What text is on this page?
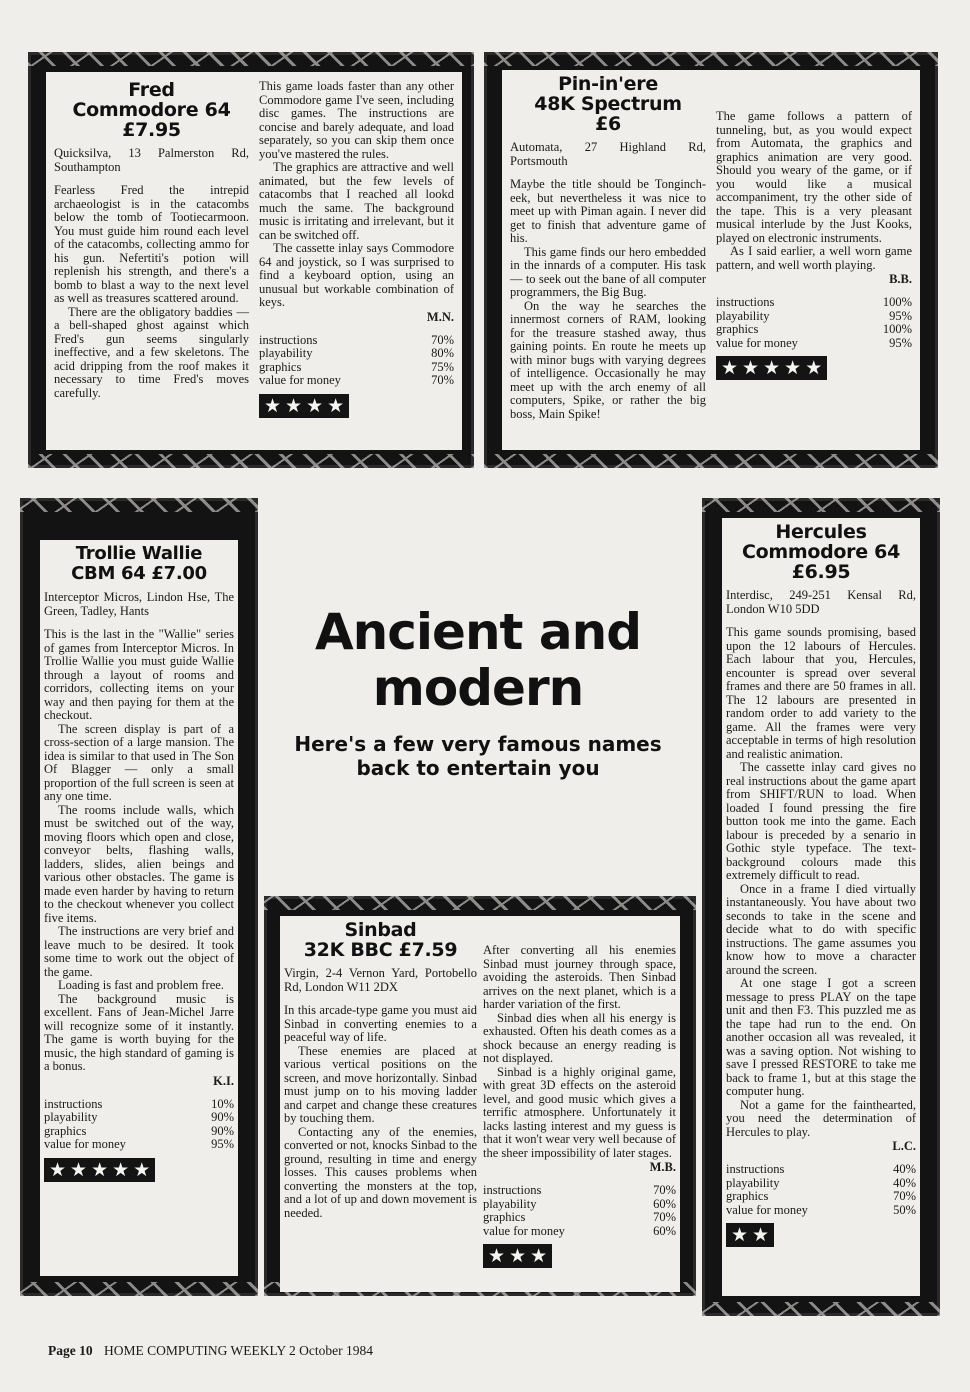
Fred
Commodore 64
£7.95
Quicksilva, 13 Palmerston Rd, Southampton

Fearless Fred the intrepid archaeologist is in the catacombs below the tomb of Tootiecarmoon. You must guide him round each level of the catacombs, collecting ammo for his gun. Nefertiti's potion will replenish his strength, and there's a bomb to blast a way to the next level as well as treasures scattered around.

There are the obligatory baddies — a bell-shaped ghost against which Fred's gun seems singularly ineffective, and a few skeletons. The acid dripping from the roof makes it necessary to time Fred's moves carefully.

This game loads faster than any other Commodore game I've seen, including disc games. The instructions are concise and barely adequate, and load separately, so you can skip them once you've mastered the rules.

The graphics are attractive and well animated, but the few levels of catacombs that I reached all lookd much the same. The background music is irritating and irrelevant, but it can be switched off.

The cassette inlay says Commodore 64 and joystick, so I was surprised to find a keyboard option, using an unusual but workable combination of keys.

M.N.
instructions	70%
playability	80%
graphics	75%
value for money	70%
★ ★ ★ ★
Pin-in'ere
48K Spectrum
£6
Automata, 27 Highland Rd, Portsmouth

Maybe the title should be Tonginch-eek, but nevertheless it was nice to meet up with Piman again. I never did get to finish that adventure game of his.

This game finds our hero embedded in the innards of a computer. His task — to seek out the bane of all computer programmers, the Big Bug.

On the way he searches the innermost corners of RAM, looking for the treasure stashed away, thus gaining points. En route he meets up with minor bugs with varying degrees of intelligence. Occasionally he may meet up with the arch enemy of all computers, Spike, or rather the big boss, Main Spike!

The game follows a pattern of tunneling, but, as you would expect from Automata, the graphics and graphics animation are very good. Should you weary of the game, or if you would like a musical accompaniment, try the other side of the tape. This is a very pleasant musical interlude by the Just Kooks, played on electronic instruments.

As I said earlier, a well worn game pattern, and well worth playing.

B.B.
instructions	100%
playability	95%
graphics	100%
value for money	95%
★ ★ ★ ★ ★
Trollie Wallie
CBM 64 £7.00
Interceptor Micros, Lindon Hse, The Green, Tadley, Hants

This is the last in the "Wallie" series of games from Interceptor Micros. In Trollie Wallie you must guide Wallie through a layout of rooms and corridors, collecting items on your way and then paying for them at the checkout.

The screen display is part of a cross-section of a large mansion. The idea is similar to that used in The Son Of Blagger — only a small proportion of the full screen is seen at any one time.

The rooms include walls, which must be switched out of the way, moving floors which open and close, conveyor belts, flashing walls, ladders, slides, alien beings and various other obstacles. The game is made even harder by having to return to the checkout whenever you collect five items.

The instructions are very brief and leave much to be desired. It took some time to work out the object of the game.

Loading is fast and problem free.

The background music is excellent. Fans of Jean-Michel Jarre will recognize some of it instantly. The game is worth buying for the music, the high standard of gaming is a bonus.

K.I.
instructions	10%
playability	90%
graphics	90%
value for money	95%
★ ★ ★ ★ ★
Ancient and modern
Here's a few very famous names back to entertain you
Hercules
Commodore 64
£6.95
Interdisc, 249-251 Kensal Rd, London W10 5DD

This game sounds promising, based upon the 12 labours of Hercules. Each labour that you, Hercules, encounter is spread over several frames and there are 50 frames in all. The 12 labours are presented in random order to add variety to the game. All the frames were very acceptable in terms of high resolution and realistic animation.

The cassette inlay card gives no real instructions about the game apart from SHIFT/RUN to load. When loaded I found pressing the fire button took me into the game. Each labour is preceded by a senario in Gothic style typeface. The text-background colours made this extremely difficult to read.

Once in a frame I died virtually instantaneously. You have about two seconds to take in the scene and decide what to do with specific instructions. The game assumes you know how to move a character around the screen.

At one stage I got a screen message to press PLAY on the tape unit and then F3. This puzzled me as the tape had run to the end. On another occasion all was revealed, it was a saving option. Not wishing to save I pressed RESTORE to take me back to frame 1, but at this stage the computer hung.

Not a game for the fainthearted, you need the determination of Hercules to play.

L.C.
instructions	40%
playability	40%
graphics	70%
value for money	50%
★ ★
Sinbad
32K BBC £7.59
Virgin, 2-4 Vernon Yard, Portobello Rd, London W11 2DX

In this arcade-type game you must aid Sinbad in converting enemies to a peaceful way of life.

These enemies are placed at various vertical positions on the screen, and move horizontally. Sinbad must jump on to his moving ladder and carpet and change these creatures by touching them.

Contacting any of the enemies, converted or not, knocks Sinbad to the ground, resulting in time and energy losses. This causes problems when converting the monsters at the top, and a lot of up and down movement is needed.

After converting all his enemies Sinbad must journey through space, avoiding the asteroids. Then Sinbad arrives on the next planet, which is a harder variation of the first.

Sinbad dies when all his energy is exhausted. Often his death comes as a shock because an energy reading is not displayed.

Sinbad is a highly original game, with great 3D effects on the asteroid level, and good music which gives a terrific atmosphere. Unfortunately it lacks lasting interest and my guess is that it won't wear very well because of the sheer impossibility of later stages.

M.B.
instructions	70%
playability	60%
graphics	70%
value for money	60%
★ ★ ★
Page 10 HOME COMPUTING WEEKLY 2 October 1984
